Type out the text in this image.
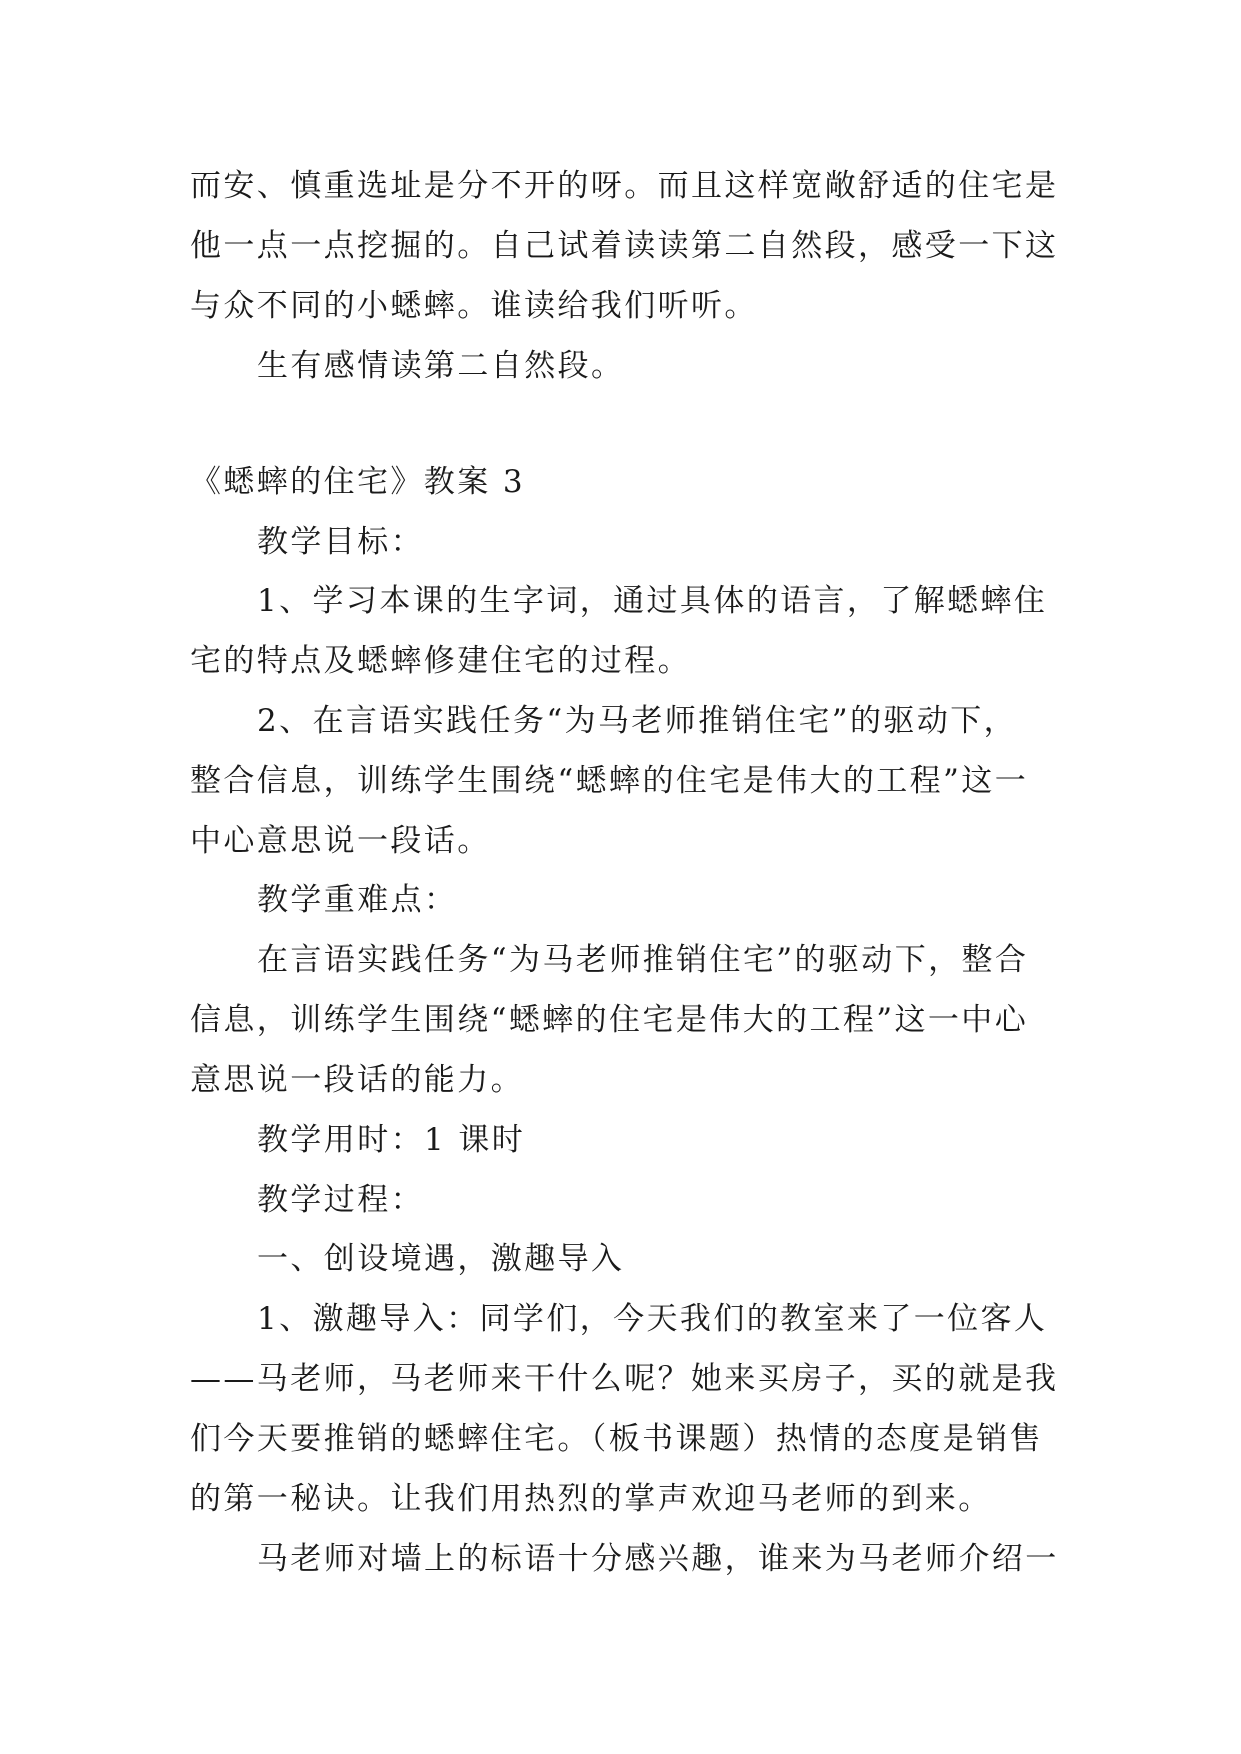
而安、慎重选址是分不开的呀。而且这样宽敞舒适的住宅是
他一点一点挖掘的。自己试着读读第二自然段，感受一下这
与众不同的小蟋蟀。谁读给我们听听。
生有感情读第二自然段。
《蟋蟀的住宅》教案 3
教学目标：
1、学习本课的生字词，通过具体的语言，了解蟋蟀住
宅的特点及蟋蟀修建住宅的过程。
2、在言语实践任务“为马老师推销住宅”的驱动下，
整合信息，训练学生围绕“蟋蟀的住宅是伟大的工程”这一
中心意思说一段话。
教学重难点：
在言语实践任务“为马老师推销住宅”的驱动下，整合
信息，训练学生围绕“蟋蟀的住宅是伟大的工程”这一中心
意思说一段话的能力。
教学用时：1 课时
教学过程：
一、创设境遇，激趣导入
1、激趣导入：同学们，今天我们的教室来了一位客人
——马老师，马老师来干什么呢？她来买房子，买的就是我
们今天要推销的蟋蟀住宅。（板书课题）热情的态度是销售
的第一秘诀。让我们用热烈的掌声欢迎马老师的到来。
马老师对墙上的标语十分感兴趣，谁来为马老师介绍一
